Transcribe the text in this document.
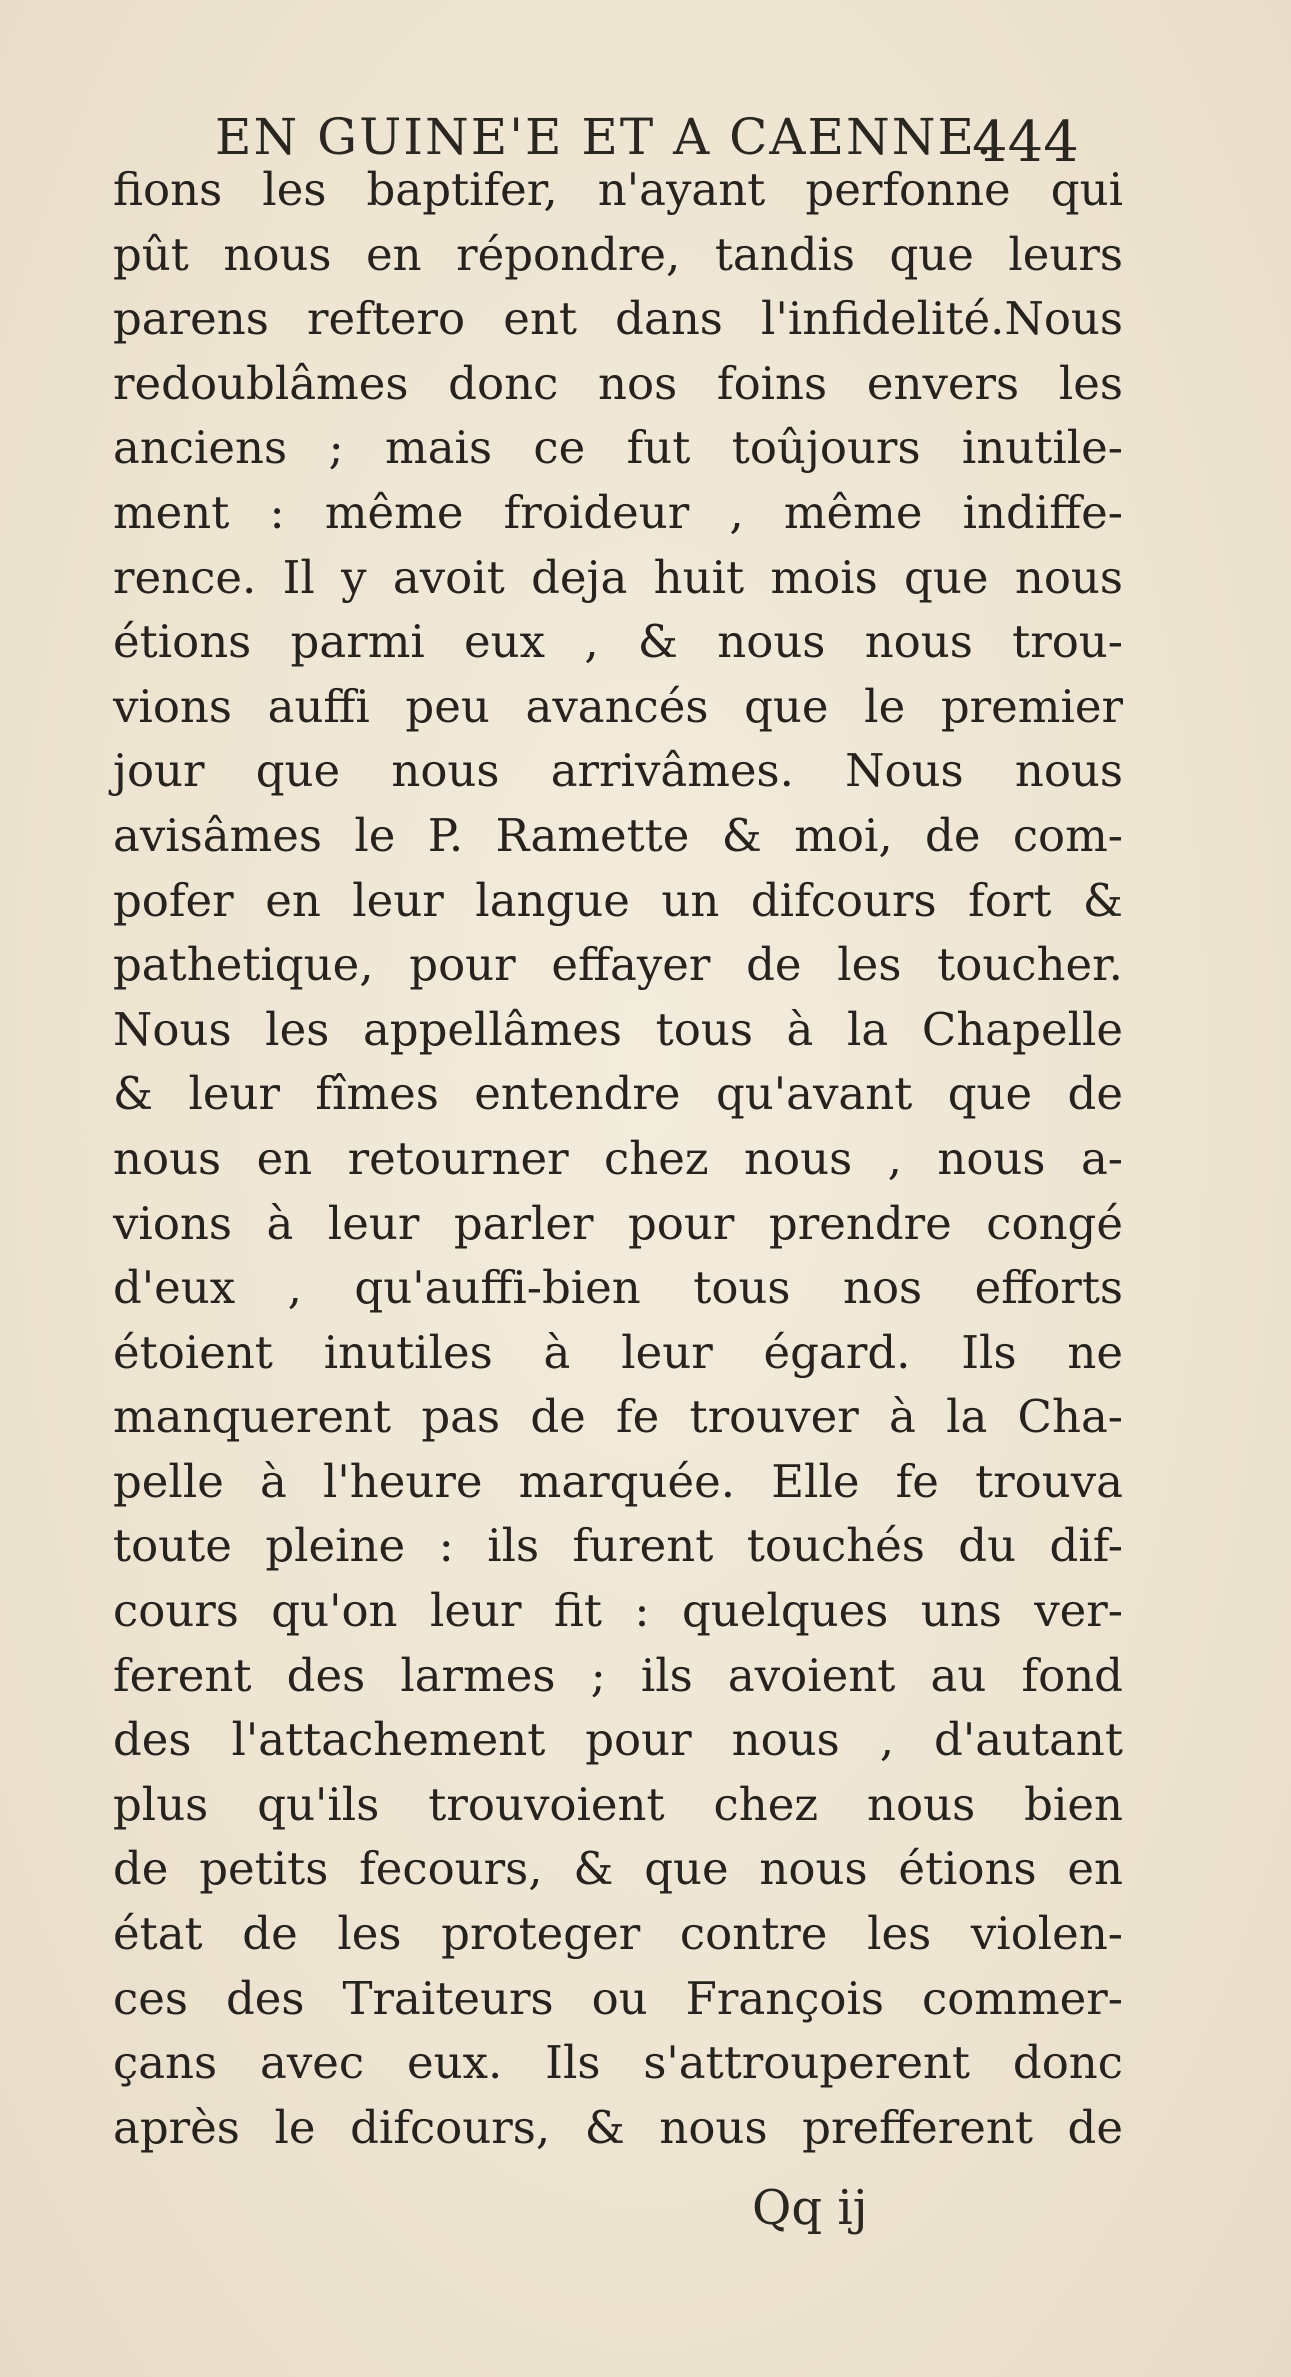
EN GUINE'E ET A CAENNE.
444
fions les baptifer, n'ayant perfonne qui
pût nous en répondre, tandis que leurs
parens reftero ent dans l'infidelité.Nous
redoublâmes donc nos foins envers les
anciens ; mais ce fut toûjours inutile-
ment : même froideur , même indiffe-
rence. Il y avoit deja huit mois que nous
étions parmi eux , & nous nous trou-
vions auffi peu avancés que le premier
jour que nous arrivâmes. Nous nous
avisâmes le P. Ramette & moi, de com-
pofer en leur langue un difcours fort &
pathetique, pour effayer de les toucher.
Nous les appellâmes tous à la Chapelle
& leur fîmes entendre qu'avant que de
nous en retourner chez nous , nous a-
vions à leur parler pour prendre congé
d'eux , qu'auffi-bien tous nos efforts
étoient inutiles à leur égard. Ils ne
manquerent pas de fe trouver à la Cha-
pelle à l'heure marquée. Elle fe trouva
toute pleine : ils furent touchés du dif-
cours qu'on leur fit : quelques uns ver-
ferent des larmes ; ils avoient au fond
des l'attachement pour nous , d'autant
plus qu'ils trouvoient chez nous bien
de petits fecours, & que nous étions en
état de les proteger contre les violen-
ces des Traiteurs ou François commer-
çans avec eux. Ils s'attrouperent donc
après le difcours, & nous prefferent de
Qq ij
